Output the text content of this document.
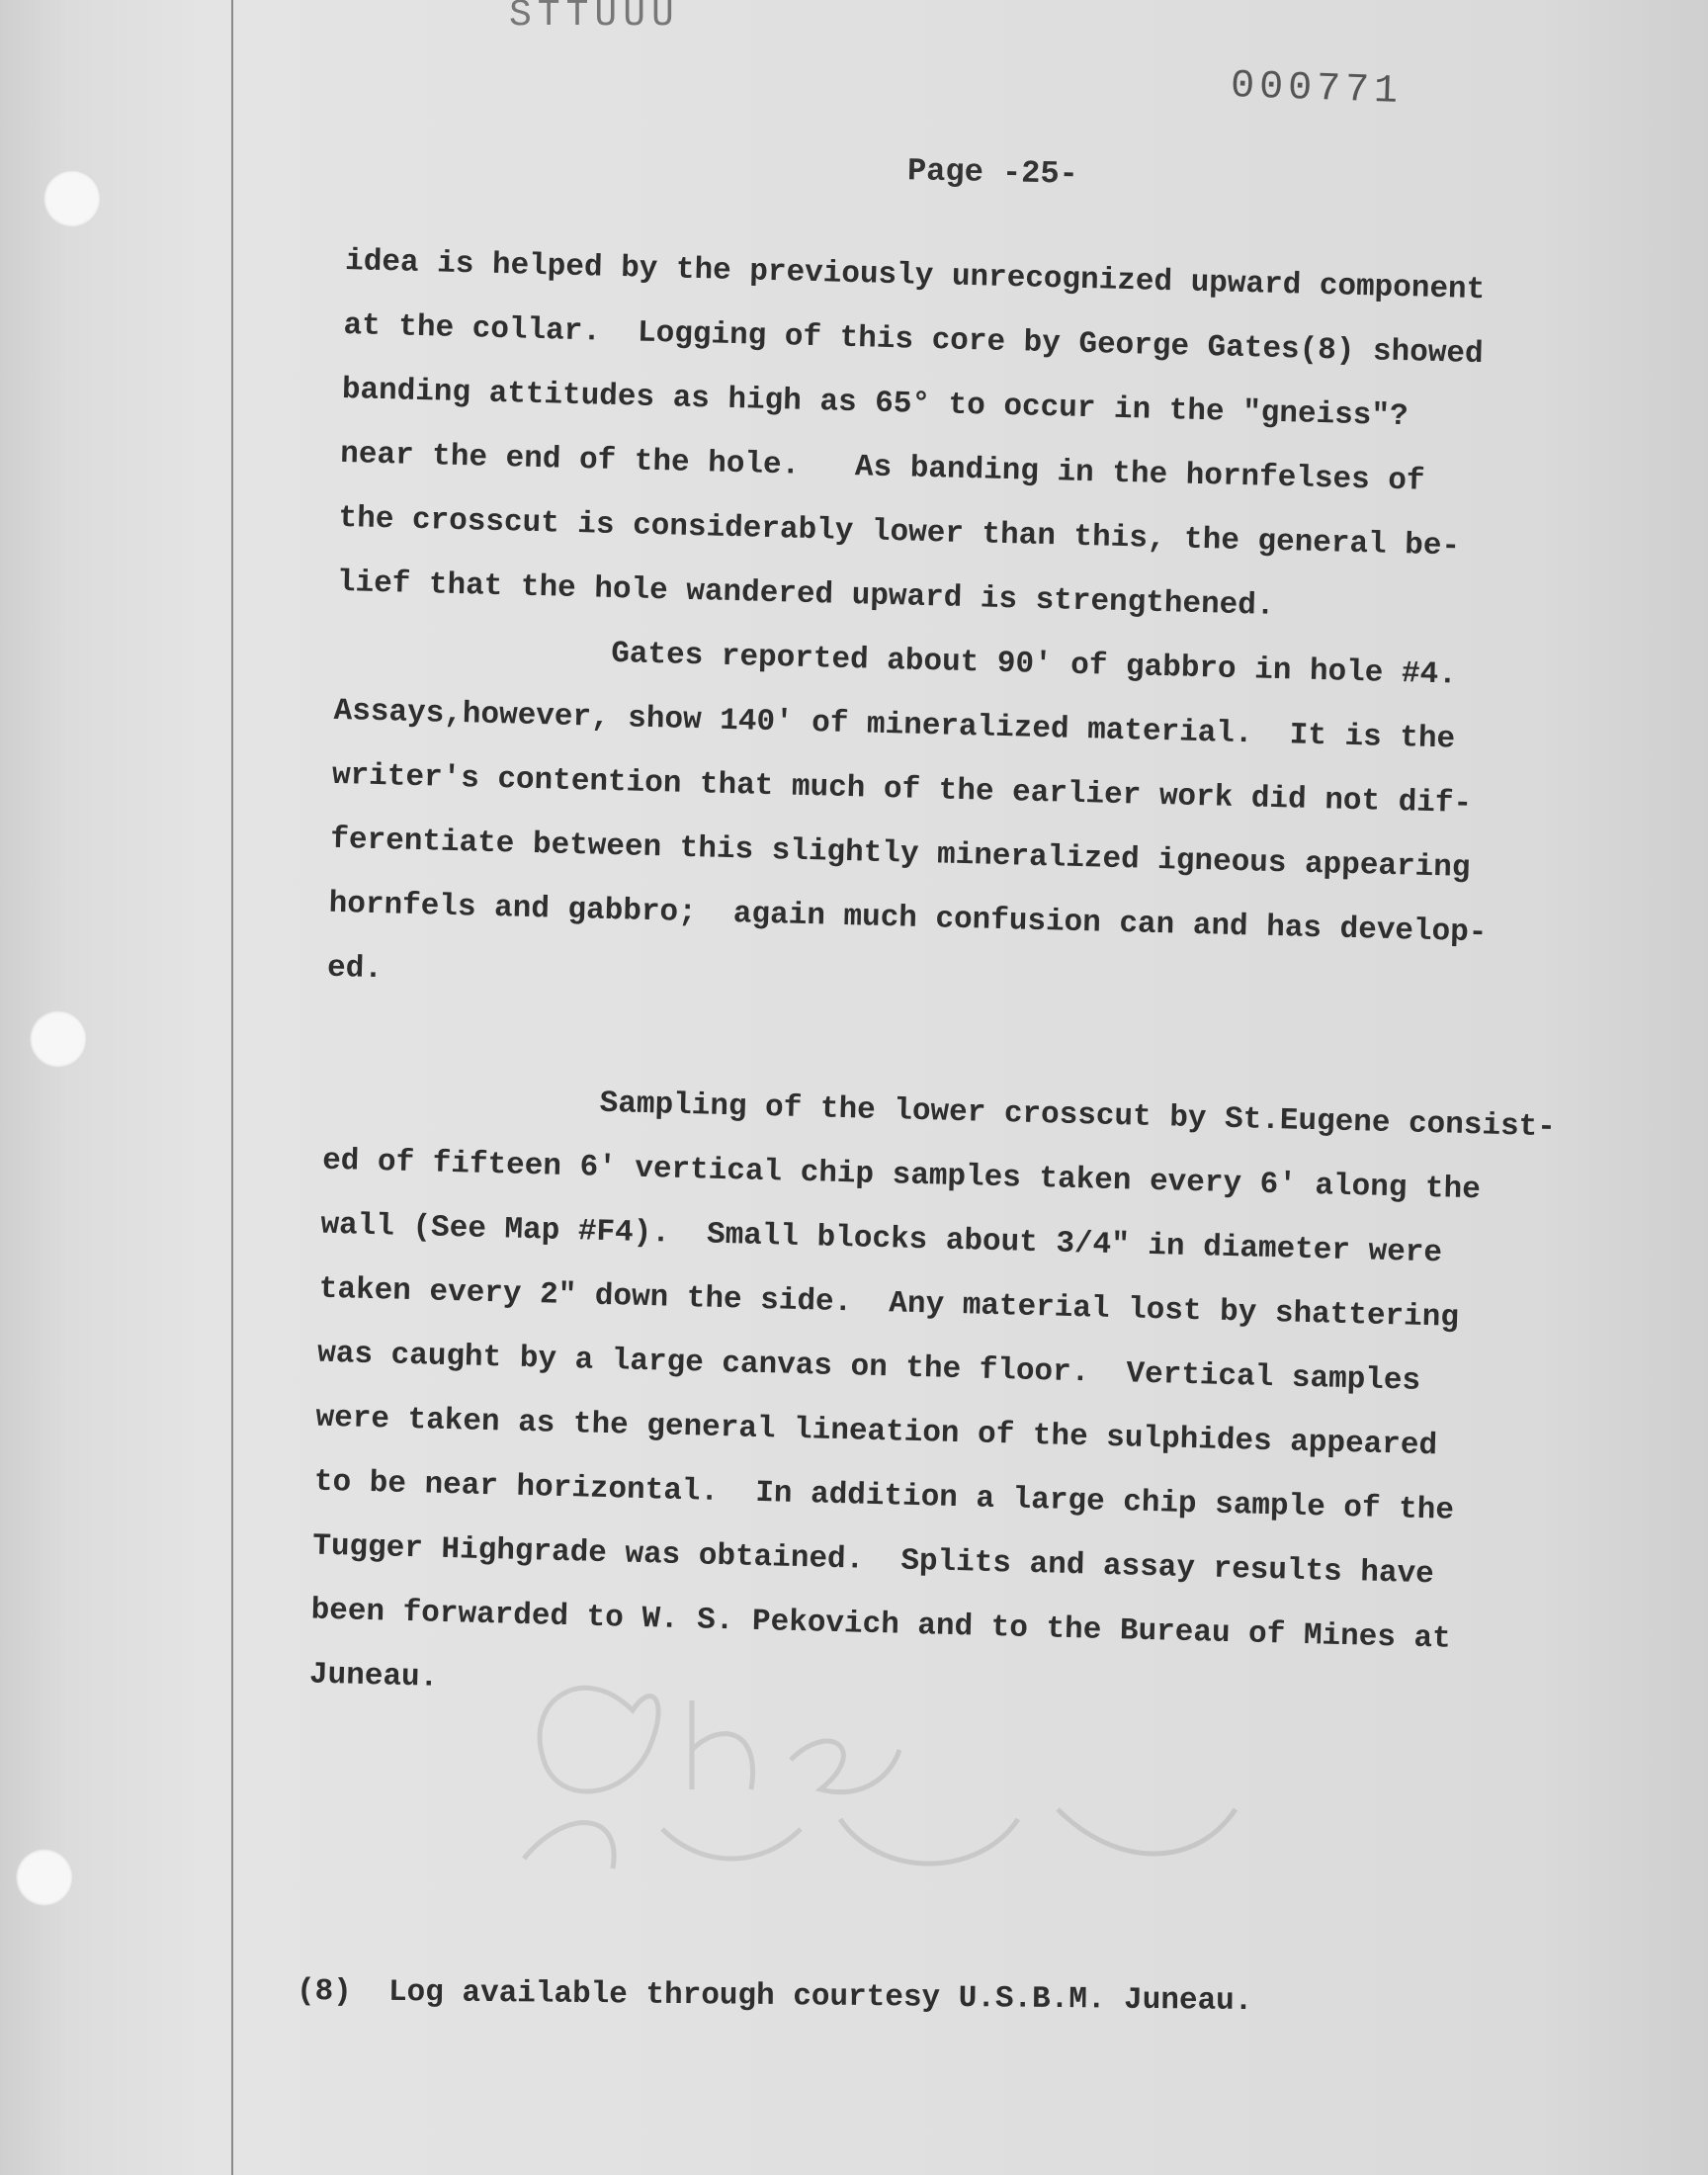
STTUUU
000771
Page -25-
idea is helped by the previously unrecognized upward component
at the collar.  Logging of this core by George Gates(8) showed
banding attitudes as high as 65° to occur in the "gneiss"?
near the end of the hole.   As banding in the hornfelses of
the crosscut is considerably lower than this, the general be-
lief that the hole wandered upward is strengthened.
Gates reported about 90' of gabbro in hole #4.
Assays,however, show 140' of mineralized material.  It is the
writer's contention that much of the earlier work did not dif-
ferentiate between this slightly mineralized igneous appearing
hornfels and gabbro;  again much confusion can and has develop-
ed.
Sampling of the lower crosscut by St.Eugene consist-
ed of fifteen 6' vertical chip samples taken every 6' along the
wall (See Map #F4).  Small blocks about 3/4" in diameter were
taken every 2" down the side.  Any material lost by shattering
was caught by a large canvas on the floor.  Vertical samples
were taken as the general lineation of the sulphides appeared
to be near horizontal.  In addition a large chip sample of the
Tugger Highgrade was obtained.  Splits and assay results have
been forwarded to W. S. Pekovich and to the Bureau of Mines at
Juneau.
(8)  Log available through courtesy U.S.B.M. Juneau.
